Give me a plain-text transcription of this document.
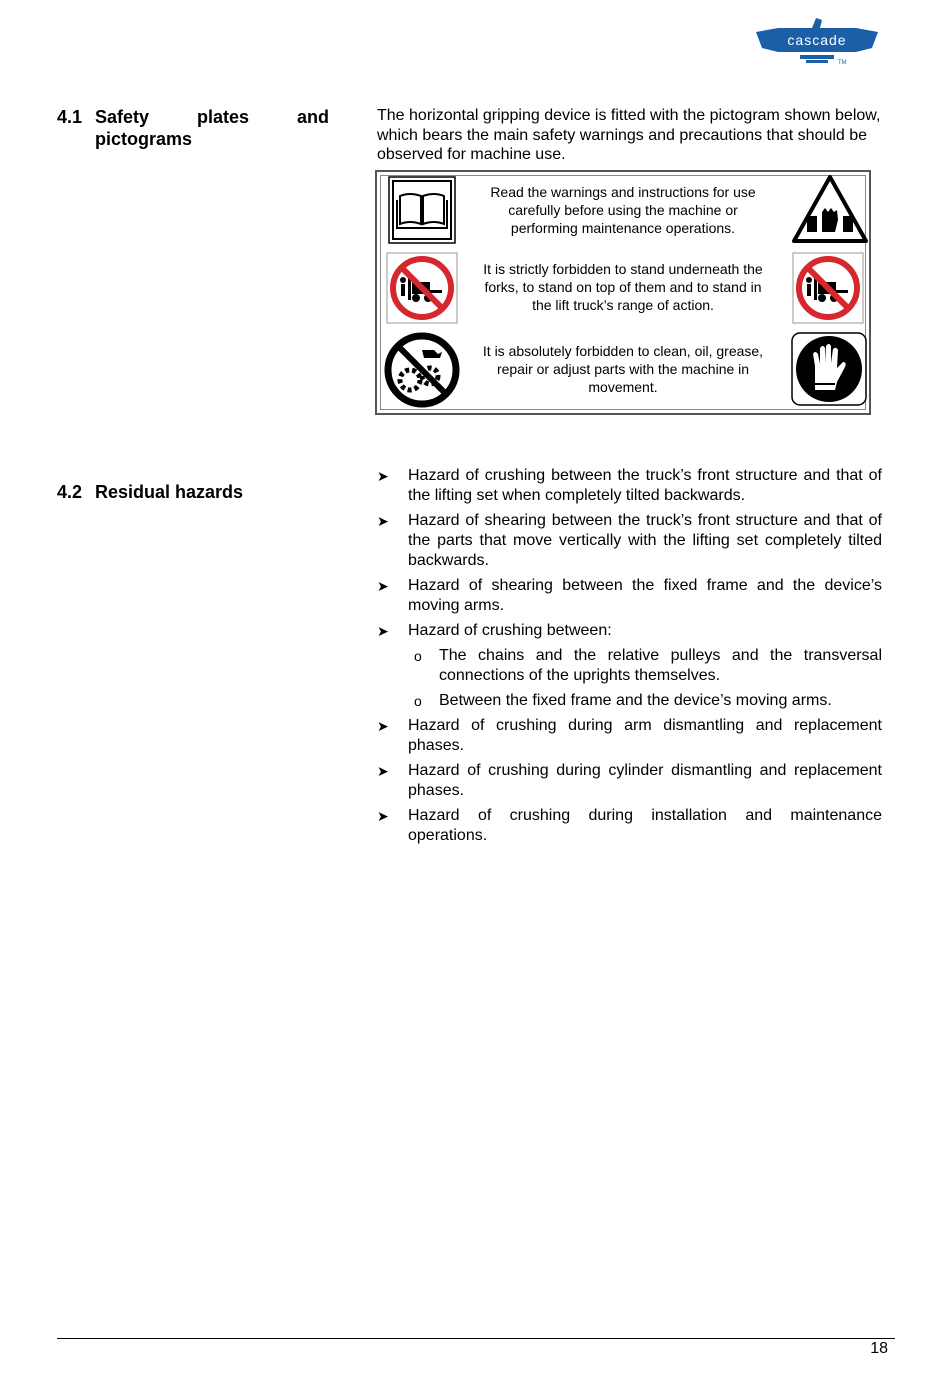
cascade
TM
4.1 Safety	plates	and
pictograms
The horizontal gripping device is fitted with the pictogram shown below, which bears the main safety warnings and precautions that should be observed for machine use.
Read the warnings and instructions for use carefully before using the machine or performing maintenance operations.
It is strictly forbidden to stand underneath the forks, to stand on top of them and to stand in the lift truck’s range of action.
It is absolutely forbidden to clean, oil, grease, repair or adjust parts with the machine in movement.
4.2 Residual hazards
➤ Hazard of crushing between the truck’s front structure and that of the lifting set when completely tilted backwards.
➤ Hazard of shearing between the truck’s front structure and that of the parts that move vertically with the lifting set completely tilted backwards.
➤ Hazard of shearing between the fixed frame and the device’s moving arms.
➤ Hazard of crushing between:
o The chains and the relative pulleys and the transversal connections of the uprights themselves.
o Between the fixed frame and the device’s moving arms.
➤ Hazard of crushing during arm dismantling and replacement phases.
➤ Hazard of crushing during cylinder dismantling and replacement phases.
➤ Hazard of crushing during installation and maintenance operations.
18
